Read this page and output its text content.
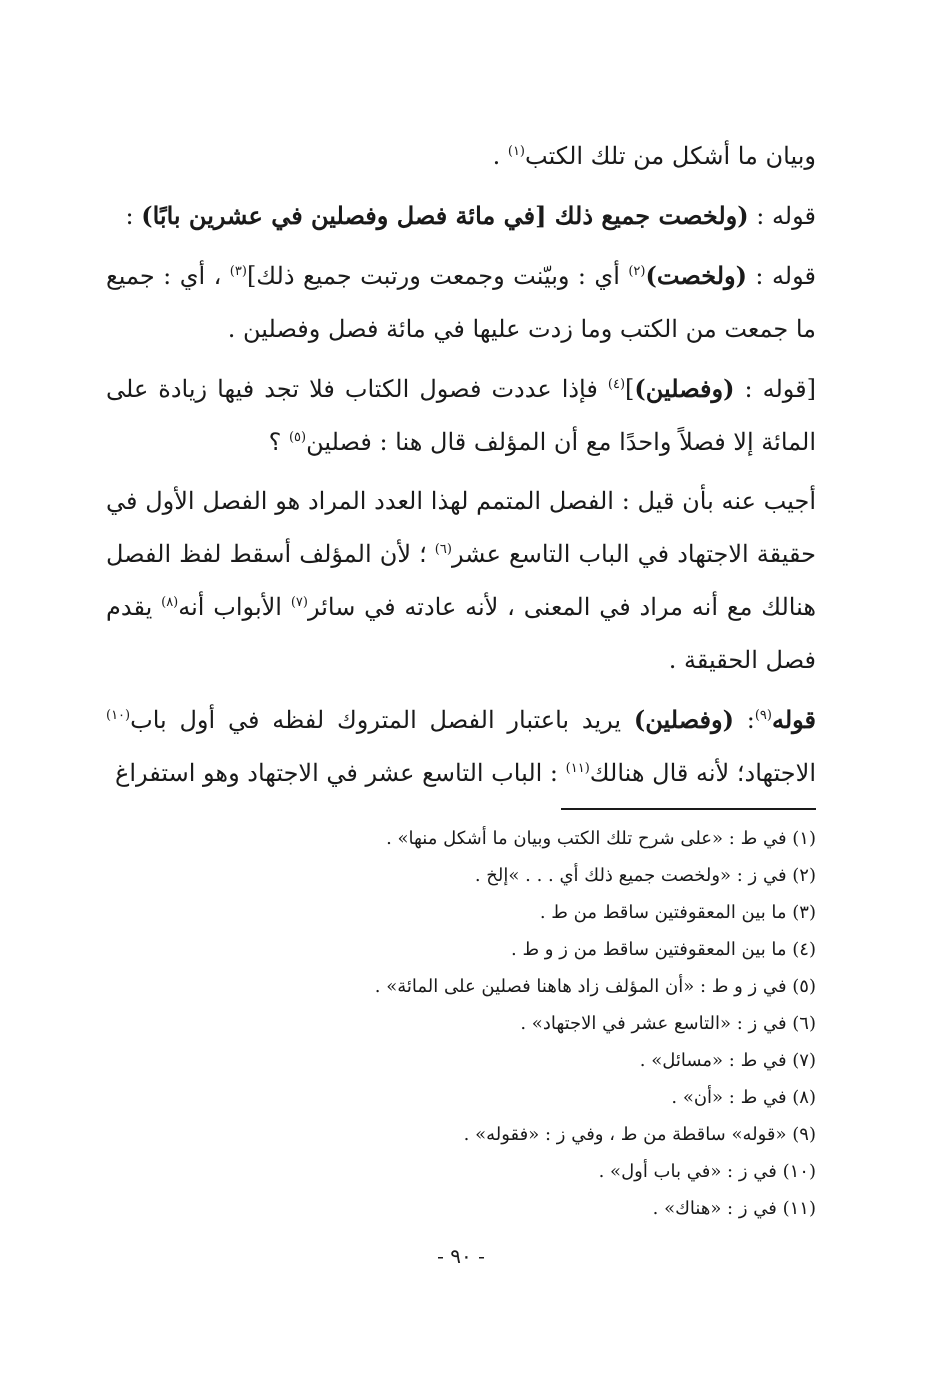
وبيان ما أشكل من تلك الكتب$^{(١)}$ .

قوله : (ولخصت جميع ذلك [في مائة فصل وفصلين في عشرين بابًا) :

قوله : (ولخصت)$^{(٢)}$ أي : وبيّنت وجمعت ورتبت جميع ذلك]$^{(٣)}$ ، أي : جميع ما جمعت من الكتب وما زدت عليها في مائة فصل وفصلين .

[قوله : (وفصلين)]$^{(٤)}$ فإذا عددت فصول الكتاب فلا تجد فيها زيادة على المائة إلا فصلاً واحدًا مع أن المؤلف قال هنا : فصلين$^{(٥)}$ ؟

أجيب عنه بأن قيل : الفصل المتمم لهذا العدد المراد هو الفصل الأول في حقيقة الاجتهاد في الباب التاسع عشر$^{(٦)}$ ؛ لأن المؤلف أسقط لفظ الفصل هنالك مع أنه مراد في المعنى ، لأنه عادته في سائر$^{(٧)}$ الأبواب أنه$^{(٨)}$ يقدم فصل الحقيقة .

قوله$^{(٩)}$: (وفصلين) يريد باعتبار الفصل المتروك لفظه في أول باب$^{(١٠)}$ الاجتهاد؛ لأنه قال هنالك$^{(١١)}$ : الباب التاسع عشر في الاجتهاد وهو استفراغ

(١) في ط : «على شرح تلك الكتب وبيان ما أشكل منها» .
(٢) في ز : «ولخصت جميع ذلك أي . . . »إلخ .
(٣) ما بين المعقوفتين ساقط من ط .
(٤) ما بين المعقوفتين ساقط من ز و ط .
(٥) في ز و ط : «أن المؤلف زاد هاهنا فصلين على المائة» .
(٦) في ز : «التاسع عشر في الاجتهاد» .
(٧) في ط : «مسائل» .
(٨) في ط : «أن» .
(٩) «قوله» ساقطة من ط ، وفي ز : «فقوله» .
(١٠) في ز : «في باب أول» .
(١١) في ز : «هناك» .
- ٩٠ -
